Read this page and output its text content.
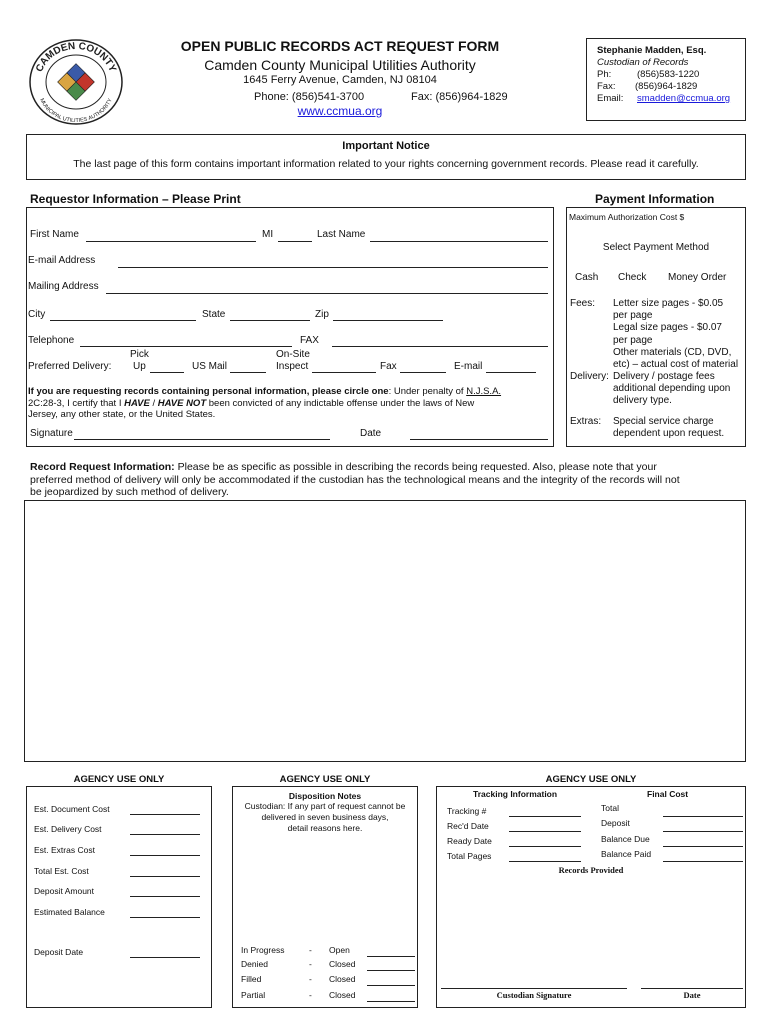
CAMDEN COUNTY
MUNICIPAL UTILITIES AUTHORITY
OPEN PUBLIC RECORDS ACT REQUEST FORM
Camden County Municipal Utilities Authority
1645 Ferry Avenue, Camden, NJ 08104
Phone: (856)541-3700	Fax: (856)964-1829
www.ccmua.org
Stephanie Madden, Esq.
Custodian of Records
Ph:	(856)583-1220
Fax: (856)964-1829
Email: smadden@ccmua.org
Important Notice
The last page of this form contains important information related to your rights concerning government records. Please read it carefully.
Requestor Information – Please Print
First Name	MI	Last Name
E-mail Address
Mailing Address
City	State	Zip
Telephone	FAX
Preferred Delivery:
Pick
Up	US Mail
On-Site
Inspect	Fax	E-mail
If you are requesting records containing personal information, please circle one: Under penalty of N.J.S.A.
2C:28-3, I certify that I HAVE / HAVE NOT been convicted of any indictable offense under the laws of New
Jersey, any other state, or the United States.
Signature	Date
Payment Information
Maximum Authorization Cost $
Select Payment Method
Cash Check Money Order
Fees: Letter size pages - $0.05
per page
Legal size pages - $0.07
per page
Other materials (CD, DVD,
etc) – actual cost of material
Delivery: Delivery / postage fees
additional depending upon
delivery type.
Extras: Special service charge
dependent upon request.
Record Request Information: Please be as specific as possible in describing the records being requested. Also, please note that your
preferred method of delivery will only be accommodated if the custodian has the technological means and the integrity of the records will not
be jeopardized by such method of delivery.
AGENCY USE ONLY
Est. Document Cost
Est. Delivery Cost
Est. Extras Cost
Total Est. Cost
Deposit Amount
Estimated Balance
Deposit Date
AGENCY USE ONLY
Disposition Notes
Custodian: If any part of request cannot be
delivered in seven business days,
detail reasons here.
In Progress	- Open
Denied	- Closed
Filled	- Closed
Partial	- Closed
AGENCY USE ONLY
Tracking Information
Tracking #
Rec'd Date
Ready Date
Total Pages
Final Cost
Total
Deposit
Balance Due
Balance Paid
Records Provided
Custodian Signature	Date
